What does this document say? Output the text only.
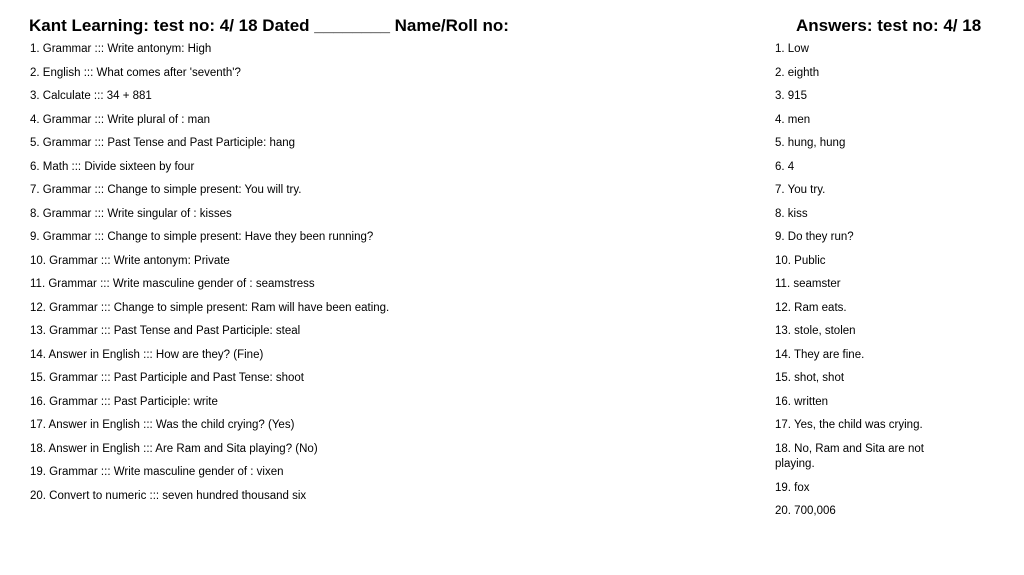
Kant Learning: test no: 4/ 18 Dated ________ Name/Roll no:	Answers: test no: 4/ 18
1. Grammar ::: Write antonym: High
2. English ::: What comes after 'seventh'?
3. Calculate ::: 34 + 881
4. Grammar ::: Write plural of : man
5. Grammar ::: Past Tense and Past Participle: hang
6. Math ::: Divide sixteen by four
7. Grammar ::: Change to simple present: You will try.
8. Grammar ::: Write singular of : kisses
9. Grammar ::: Change to simple present: Have they been running?
10. Grammar ::: Write antonym: Private
11. Grammar ::: Write masculine gender of : seamstress
12. Grammar ::: Change to simple present: Ram will have been eating.
13. Grammar ::: Past Tense and Past Participle: steal
14. Answer in English ::: How are they? (Fine)
15. Grammar ::: Past Participle and Past Tense: shoot
16. Grammar ::: Past Participle: write
17. Answer in English ::: Was the child crying? (Yes)
18. Answer in English ::: Are Ram and Sita playing? (No)
19. Grammar ::: Write masculine gender of : vixen
20. Convert to numeric ::: seven hundred thousand six
1. Low
2. eighth
3. 915
4. men
5. hung, hung
6. 4
7. You try.
8. kiss
9. Do they run?
10. Public
11. seamster
12. Ram eats.
13. stole, stolen
14. They are fine.
15. shot, shot
16. written
17. Yes, the child was crying.
18. No, Ram and Sita are not playing.
19. fox
20. 700,006
